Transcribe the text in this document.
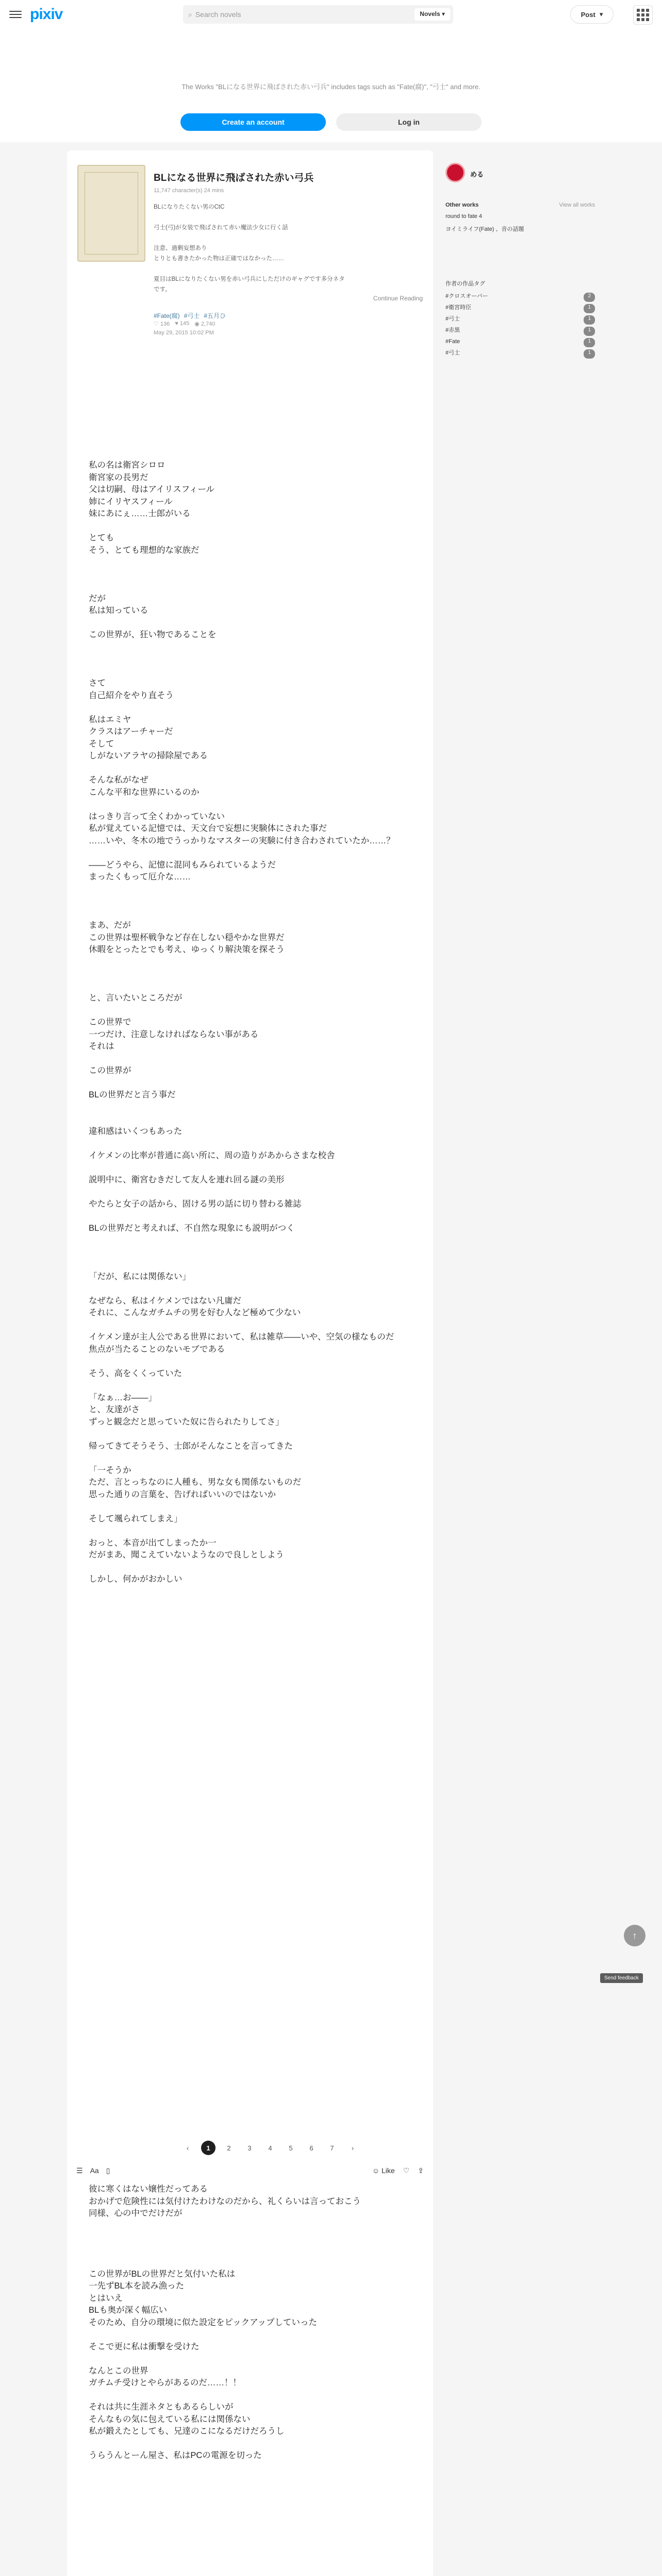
pixiv	⌕ Search novels	Novels ▾	Post ▾

The Works "BLになる世界に飛ばされた赤い弓兵" includes tags such as "Fate(腐)", "弓士" and more.

Create an account	Log in
BLになる世界に飛ばされた赤い弓兵
11,747 character(s) 24 mins
BLになりたくない男のCtC

弓士(弓)が女装で飛ばされて赤い魔法少女に行く話

注意、過剰妄想あり
とりとも書きたかった物は正確ではなかった……

夏目はBLになりたくない男を赤い弓兵にしただけのギャグです多分ネタ
です。
Continue Reading
#Fate(腐) #弓士 #五月ひ
♡ 136 ♥ 145 ◉ 2,740
May 29, 2015 10:02 PM
私の名は衛宮シロロ
衛宮家の長男だ
父は切嗣、母はアイリスフィール
姉にイリヤスフィール
妹にあにぇ……士郎がいる

とても
そう、とても理想的な家族だ

だが
私は知っている

この世界が、狂い物であることを

さて
自己紹介をやり直そう

私はエミヤ
クラスはアーチャーだ
そして
しがないアラヤの掃除屋である

そんな私がなぜ
こんな平和な世界にいるのか

はっきり言って全くわかっていない
私が覚えている記憶では、天文台で妄想に実験体にされた事だ
……いや、冬木の地でうっかりなマスターの実験に付き合わされていたか……？

――どうやら、記憶に混同もみられているようだ
まったくもって厄介な……

まあ、だが
この世界は聖杯戦争など存在しない穏やかな世界だ
休暇をとったとでも考え、ゆっくり解決策を探そう

と、言いたいところだが

この世界で
一つだけ、注意しなければならない事がある
それは

この世界が

BLの世界だと言う事だ

違和感はいくつもあった

イケメンの比率が普通に高い所に、周の造りがあからさまな校舎

説明中に、衛宮むきだして友人を連れ回る謎の美形

やたらと女子の話から、固ける男の話に切り替わる雑誌

BLの世界だと考えれば、不自然な現象にも説明がつく

「だが、私には関係ない」

なぜなら、私はイケメンではない凡庸だ
それに、こんなガチムチの男を好む人など極めて少ない

イケメン達が主人公である世界において、私は雑草――いや、空気の様なものだ
焦点が当たることのないモブである

そう、高をくくっていた

「なぁ…お――」
と、友達がさ
ずっと観念だと思っていた奴に告られたりしてさ」

帰ってきてそうそう、士郎がそんなことを言ってきた

「一そうか
ただ、言とっちなのに人種も、男な女も関係ないものだ
思った通りの言葉を、告げればいいのではないか

そして颯られてしまえ」

おっと、本音が出てしまったか一
だがまあ、聞こえていないようなので良しとしよう

しかし、何かがおかしい
‹	1	2	3	4	5	6	7	›
☰ Aa ▯	☺ Like ♡ ⇪
彼に寒くはない嬢性だってある
おかげで危険性には気付けたわけなのだから、礼くらいは言っておこう
同様、心の中でだけだが

この世界がBLの世界だと気付いた私は
一先ずBL本を読み漁った
とはいえ
BLも奥が深く幅広い
そのため、自分の環境に似た設定をピックアップしていった

そこで更に私は衝撃を受けた

なんとこの世界
ガチムチ受けとやらがあるのだ……！！

それは共に生涯ネタともあるらしいが
そんなもの気に包えている私には関係ない
私が鍛えたとしても、兄達のこになるだけだろうし

うらうんとーん屋さ、私はPCの電源を切った
める
Other works	View all works
round to fate 4
ヨイミライフ(Fate) 、音の話題
作者の作品タグ
#クロスオーバー	2
#衛宮時臣	1
#弓士	1
#赤黒	1
#Fate	1
#弓士	1
↑
Send feedback
